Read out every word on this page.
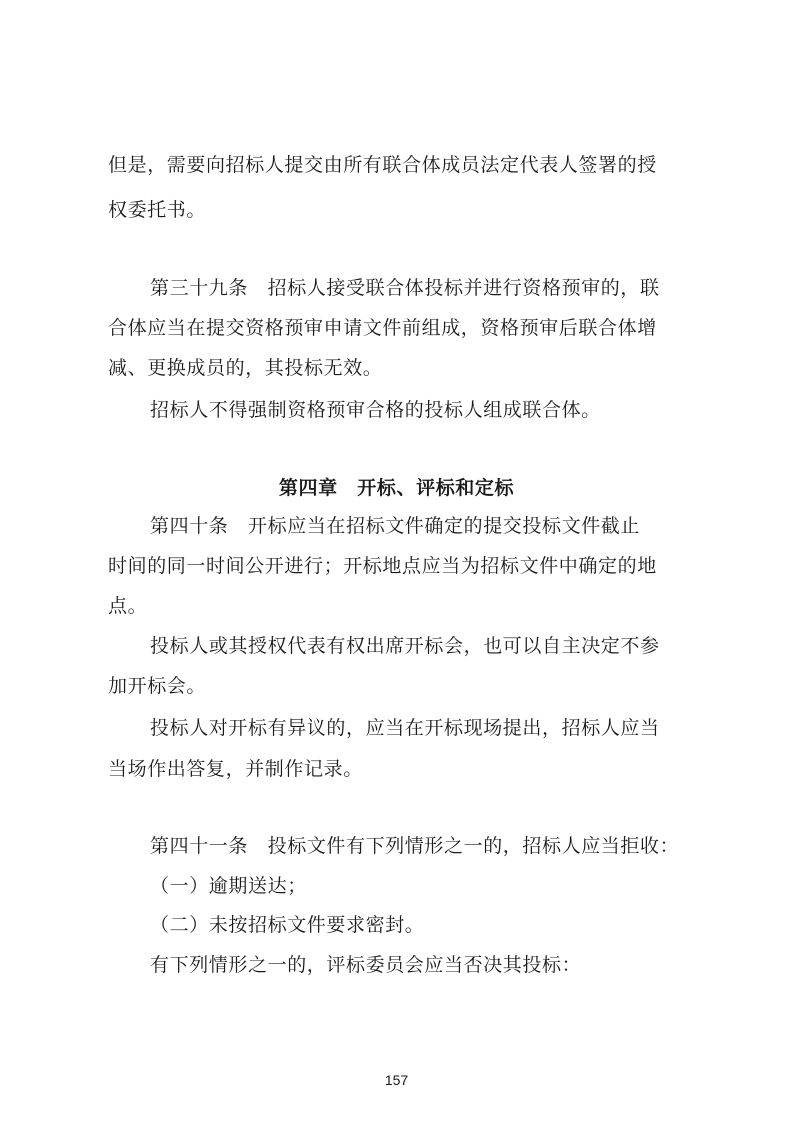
但是，需要向招标人提交由所有联合体成员法定代表人签署的授
权委托书。
第三十九条　招标人接受联合体投标并进行资格预审的，联
合体应当在提交资格预审申请文件前组成，资格预审后联合体增
减、更换成员的，其投标无效。
招标人不得强制资格预审合格的投标人组成联合体。
第四章　开标、评标和定标
第四十条　开标应当在招标文件确定的提交投标文件截止
时间的同一时间公开进行；开标地点应当为招标文件中确定的地
点。
投标人或其授权代表有权出席开标会，也可以自主决定不参
加开标会。
投标人对开标有异议的，应当在开标现场提出，招标人应当
当场作出答复，并制作记录。
第四十一条　投标文件有下列情形之一的，招标人应当拒收：
（一）逾期送达；
（二）未按招标文件要求密封。
有下列情形之一的，评标委员会应当否决其投标：
157
